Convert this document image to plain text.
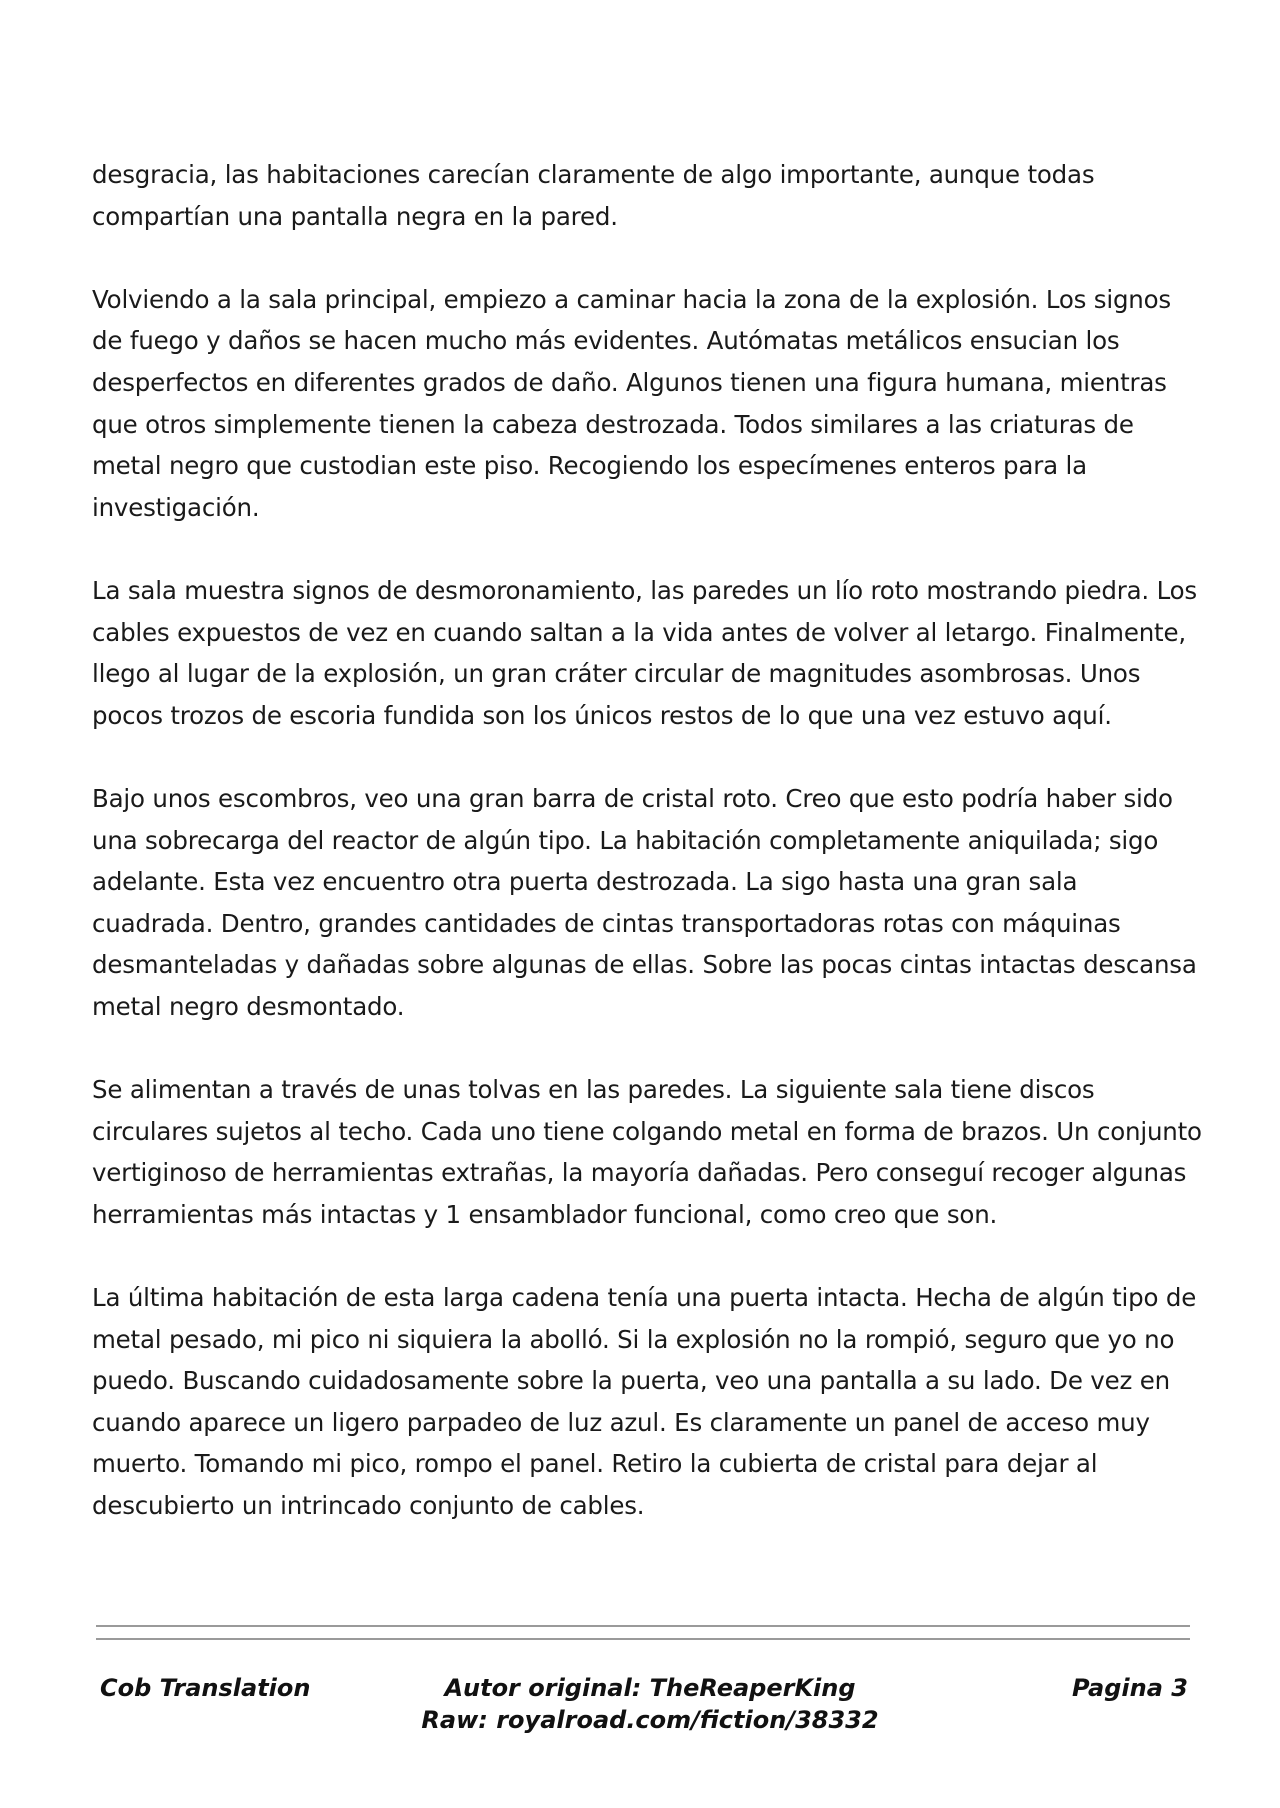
desgracia, las habitaciones carecían claramente de algo importante, aunque todas compartían una pantalla negra en la pared.

Volviendo a la sala principal, empiezo a caminar hacia la zona de la explosión. Los signos de fuego y daños se hacen mucho más evidentes. Autómatas metálicos ensucian los desperfectos en diferentes grados de daño. Algunos tienen una figura humana, mientras que otros simplemente tienen la cabeza destrozada. Todos similares a las criaturas de metal negro que custodian este piso. Recogiendo los especímenes enteros para la investigación.

La sala muestra signos de desmoronamiento, las paredes un lío roto mostrando piedra. Los cables expuestos de vez en cuando saltan a la vida antes de volver al letargo. Finalmente, llego al lugar de la explosión, un gran cráter circular de magnitudes asombrosas. Unos pocos trozos de escoria fundida son los únicos restos de lo que una vez estuvo aquí.

Bajo unos escombros, veo una gran barra de cristal roto. Creo que esto podría haber sido una sobrecarga del reactor de algún tipo. La habitación completamente aniquilada; sigo adelante. Esta vez encuentro otra puerta destrozada. La sigo hasta una gran sala cuadrada. Dentro, grandes cantidades de cintas transportadoras rotas con máquinas desmanteladas y dañadas sobre algunas de ellas. Sobre las pocas cintas intactas descansa metal negro desmontado.

Se alimentan a través de unas tolvas en las paredes. La siguiente sala tiene discos circulares sujetos al techo. Cada uno tiene colgando metal en forma de brazos. Un conjunto vertiginoso de herramientas extrañas, la mayoría dañadas. Pero conseguí recoger algunas herramientas más intactas y 1 ensamblador funcional, como creo que son.

La última habitación de esta larga cadena tenía una puerta intacta. Hecha de algún tipo de metal pesado, mi pico ni siquiera la abolló. Si la explosión no la rompió, seguro que yo no puedo. Buscando cuidadosamente sobre la puerta, veo una pantalla a su lado. De vez en cuando aparece un ligero parpadeo de luz azul. Es claramente un panel de acceso muy muerto. Tomando mi pico, rompo el panel. Retiro la cubierta de cristal para dejar al descubierto un intrincado conjunto de cables.

Cob Translation	Autor original: TheReaperKing
Raw: royalroad.com/fiction/38332
Pagina 3
